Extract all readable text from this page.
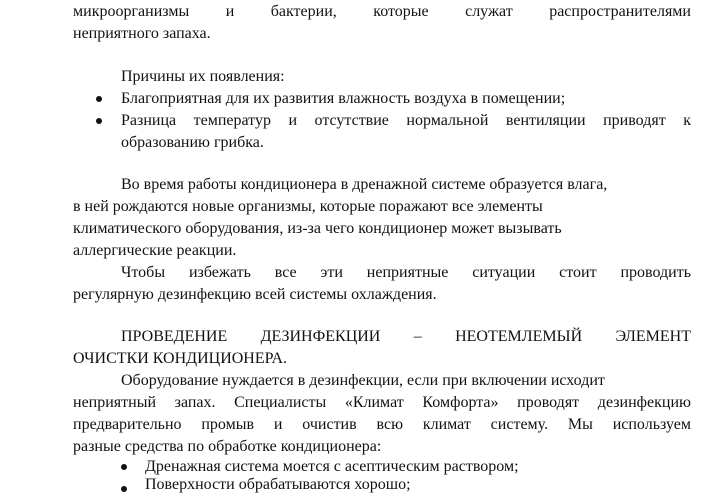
микроорганизмы и бактерии, которые служат распространителями
неприятного запаха.
Причины их появления:
Благоприятная для их развития влажность воздуха в помещении;
Разница температур и отсутствие нормальной вентиляции приводят к
образованию грибка.
Во время работы кондиционера в дренажной системе образуется влага,
в ней рождаются новые организмы, которые поражают все элементы
климатического оборудования, из-за чего кондиционер может вызывать
аллергические реакции.
Чтобы избежать все эти неприятные ситуации стоит проводить
регулярную дезинфекцию всей системы охлаждения.
ПРОВЕДЕНИЕ ДЕЗИНФЕКЦИИ – НЕОТЕМЛЕМЫЙ ЭЛЕМЕНТ
ОЧИСТКИ КОНДИЦИОНЕРА.
Оборудование нуждается в дезинфекции, если при включении исходит
неприятный запах. Специалисты «Климат Комфорта» проводят дезинфекцию
предварительно промыв и очистив всю климат систему. Мы используем
разные средства по обработке кондиционера:
Дренажная система моется с асептическим раствором;
Поверхности обрабатываются хорошо;
